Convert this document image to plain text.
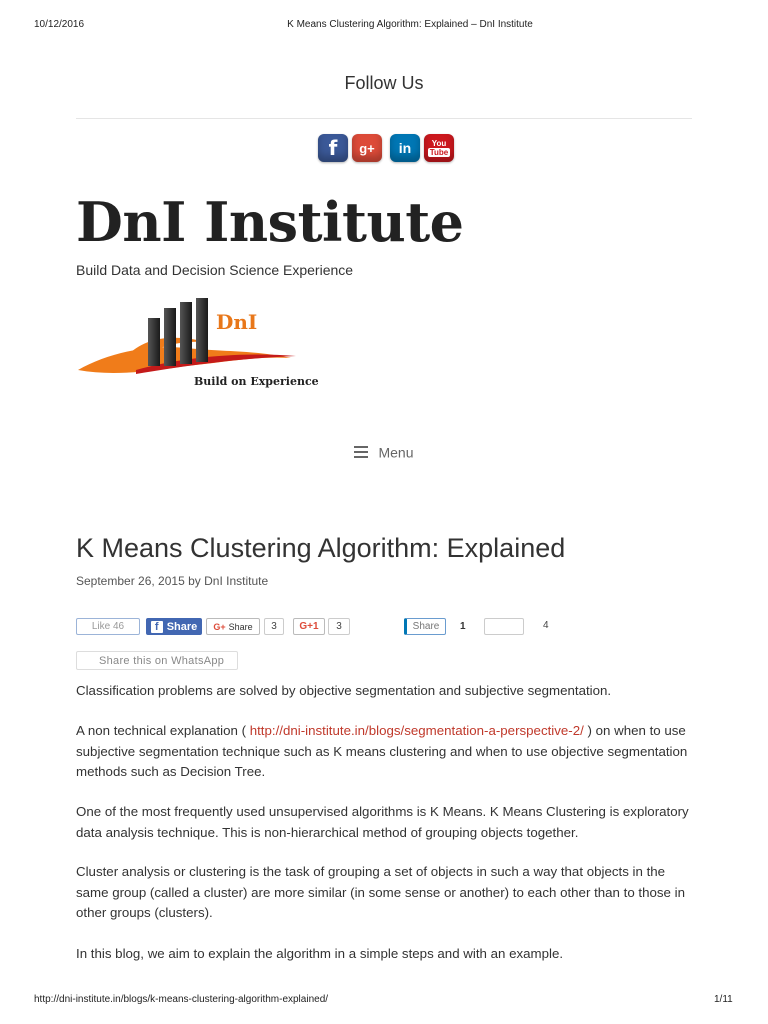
10/12/2016	K Means Clustering Algorithm: Explained – DnI Institute
Follow Us
f	g+	in	You
Tube
DnI Institute
Build Data and Decision Science Experience
DnI
Build on Experience
Menu
K Means Clustering Algorithm: Explained
September 26, 2015 by DnI Institute
Like
46	f Share G+ Share	3	G+1	3	Share	1	4
Share this on WhatsApp

Classification problems are solved by objective segmentation and subjective segmentation.

A non technical explanation ( http://dni-institute.in/blogs/segmentation-a-perspective-2/ ) on when to use subjective segmentation technique such as K means clustering and when to use objective segmentation methods such as Decision Tree.

One of the most frequently used unsupervised algorithms is K Means. K Means Clustering is exploratory data analysis technique. This is non-hierarchical method of grouping objects together.

Cluster analysis or clustering is the task of grouping a set of objects in such a way that objects in the same group (called a cluster) are more similar (in some sense or another) to each other than to those in other groups (clusters).

In this blog, we aim to explain the algorithm in a simple steps and with an example.

http://dni-institute.in/blogs/k-means-clustering-algorithm-explained/	1/11
